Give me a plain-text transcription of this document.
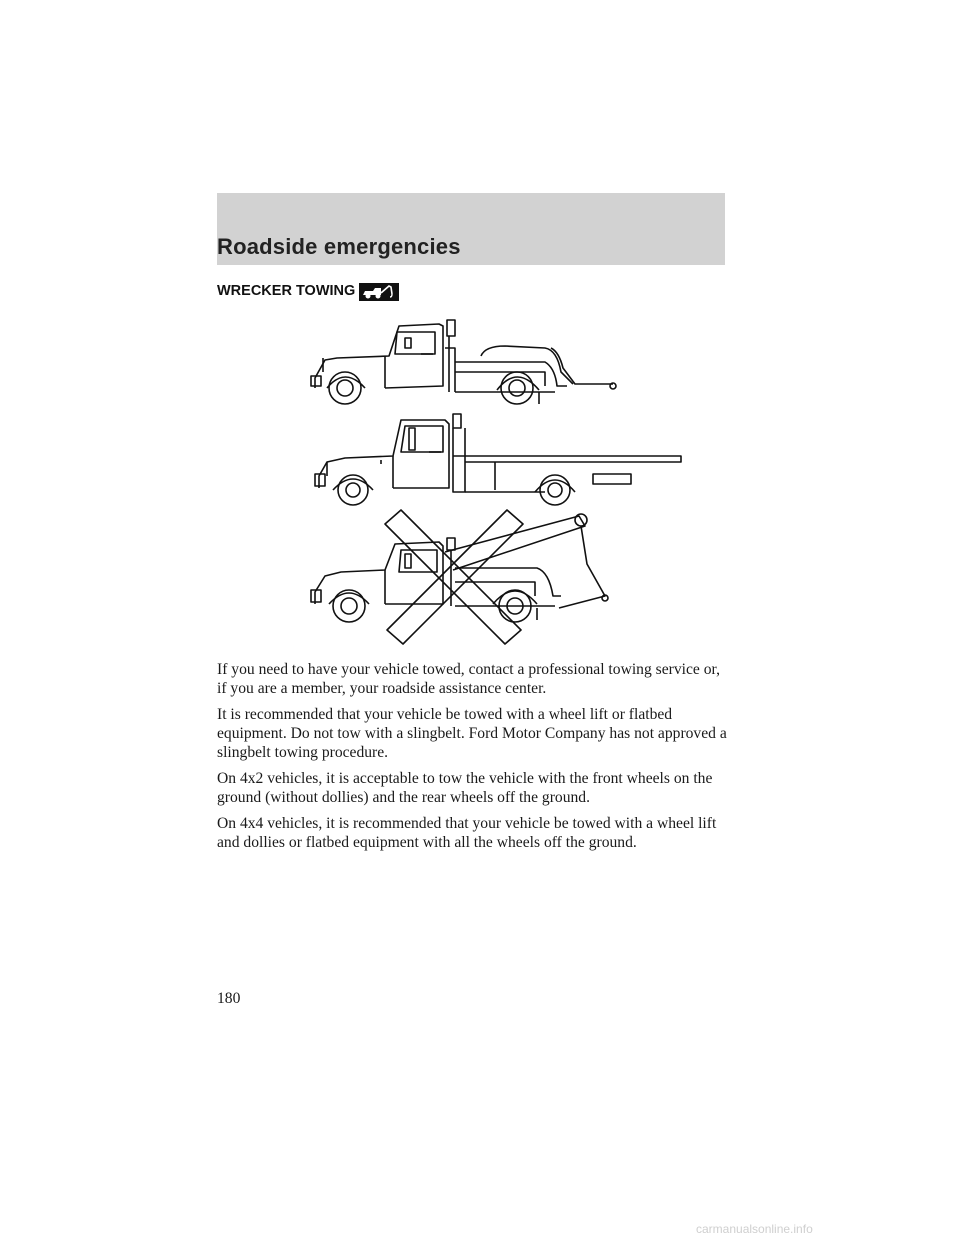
Roadside emergencies
WRECKER TOWING

If you need to have your vehicle towed, contact a professional towing service or, if you are a member, your roadside assistance center.

It is recommended that your vehicle be towed with a wheel lift or flatbed equipment. Do not tow with a slingbelt. Ford Motor Company has not approved a slingbelt towing procedure.

On 4x2 vehicles, it is acceptable to tow the vehicle with the front wheels on the ground (without dollies) and the rear wheels off the ground.

On 4x4 vehicles, it is recommended that your vehicle be towed with a wheel lift and dollies or flatbed equipment with all the wheels off the ground.

180
carmanualsonline.info
